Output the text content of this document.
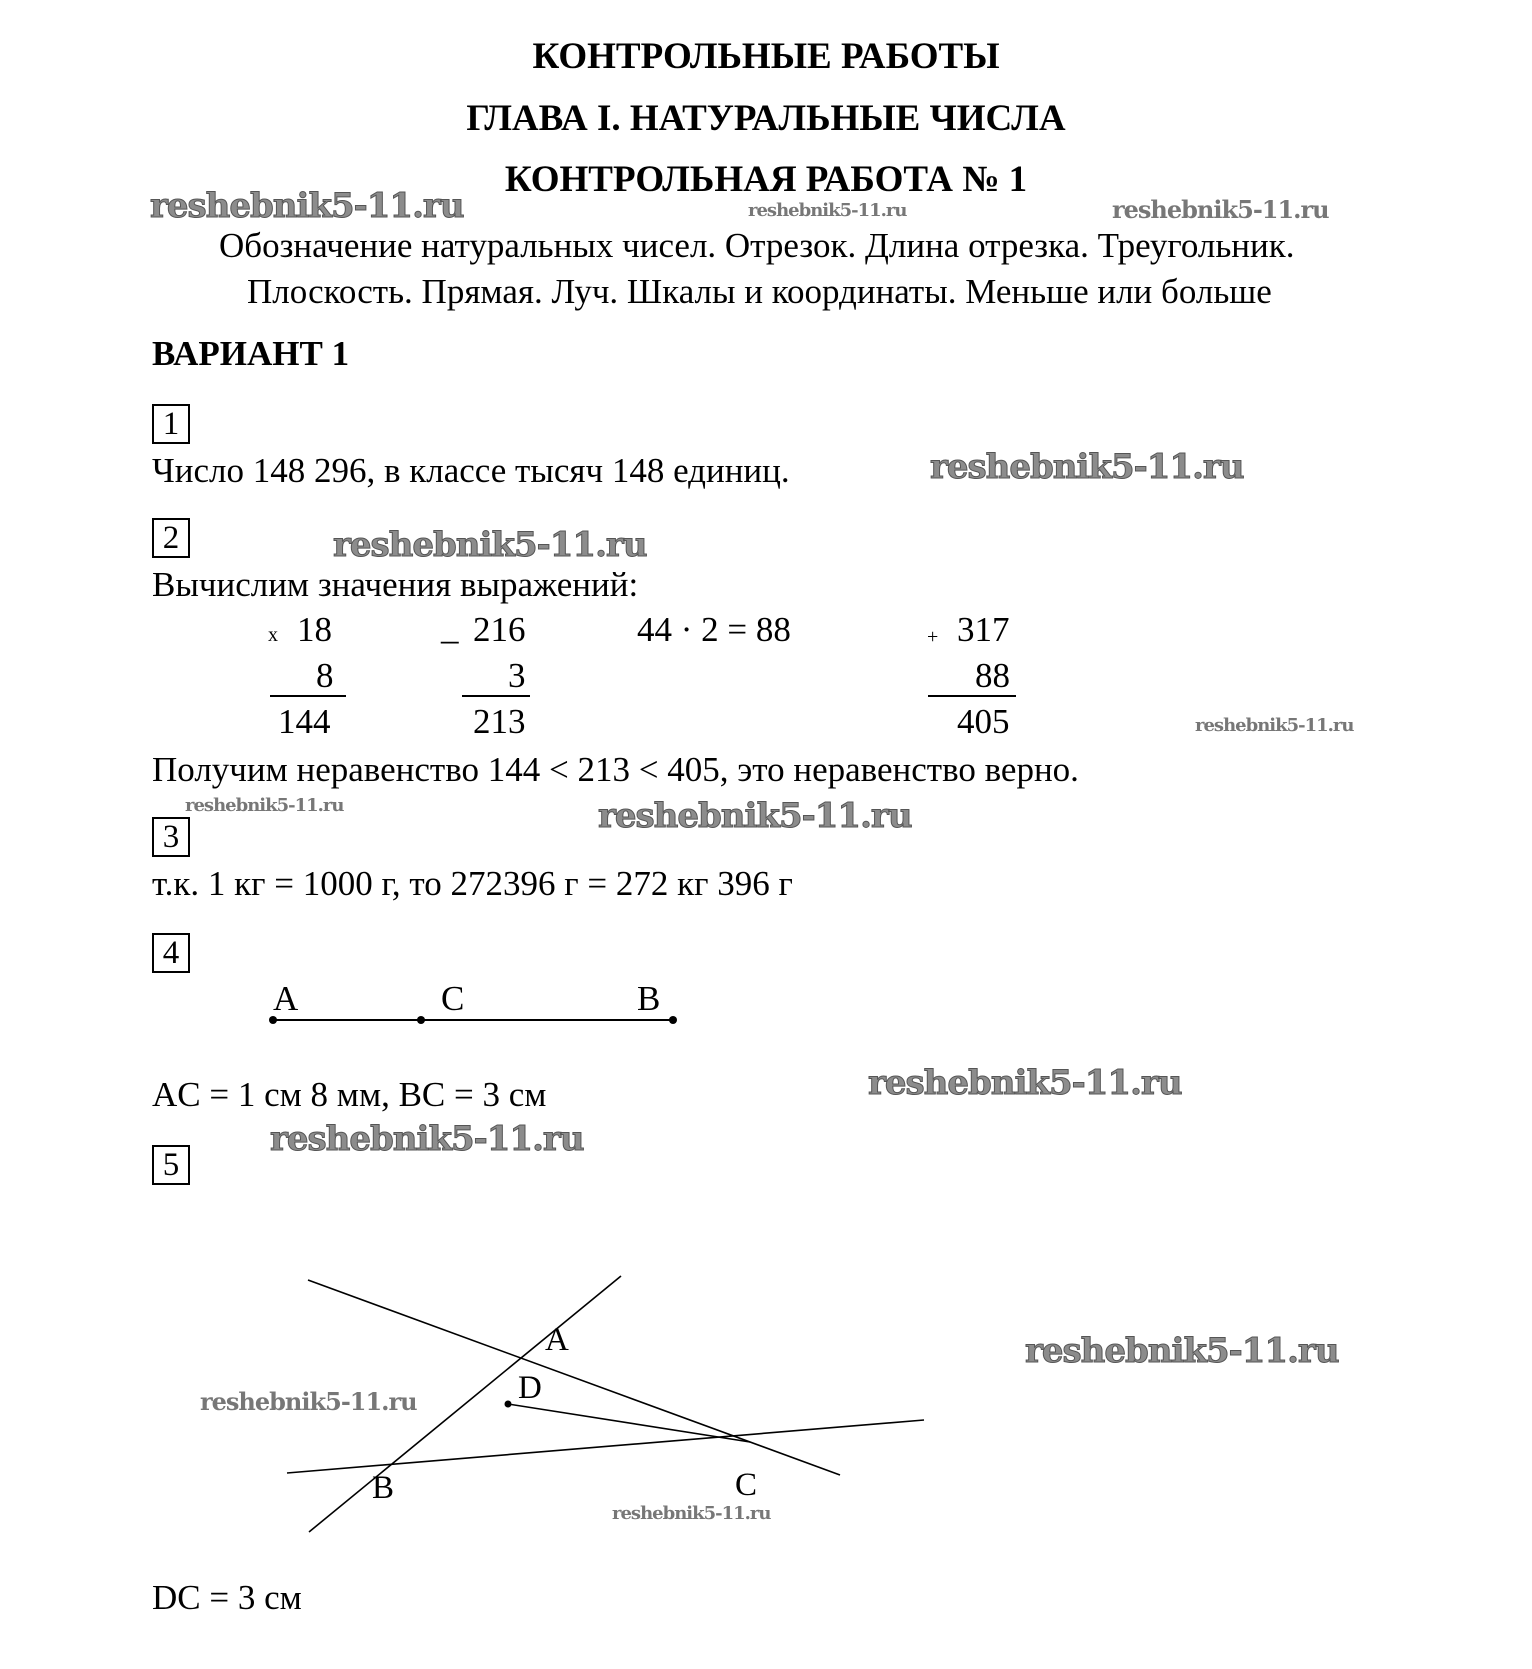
КОНТРОЛЬНЫЕ РАБОТЫ
ГЛАВА I. НАТУРАЛЬНЫЕ ЧИСЛА
КОНТРОЛЬНАЯ РАБОТА № 1
Обозначение натуральных чисел. Отрезок. Длина отрезка. Треугольник.
Плоскость. Прямая. Луч. Шкалы и координаты. Меньше или больше
ВАРИАНТ 1
1
Число 148 296, в классе тысяч 148 единиц.
2
Вычислим значения выражений:
x 18
8
144
_ 216
3
213
44 · 2 = 88	+ 317
88
405
Получим неравенство 144 < 213 < 405, это неравенство верно.
3
т.к. 1 кг = 1000 г, то 272396 г = 272 кг 396 г
4
A	C	B
AC = 1 см 8 мм, BC = 3 см
5
A
D
B	C
DC = 3 см
reshebnik5-11.ru	reshebnik5-11.ru	reshebnik5-11.ru
reshebnik5-11.ru
reshebnik5-11.ru
reshebnik5-11.ru
reshebnik5-11.ru	reshebnik5-11.ru
reshebnik5-11.ru
reshebnik5-11.ru
reshebnik5-11.ru
reshebnik5-11.ru
reshebnik5-11.ru
